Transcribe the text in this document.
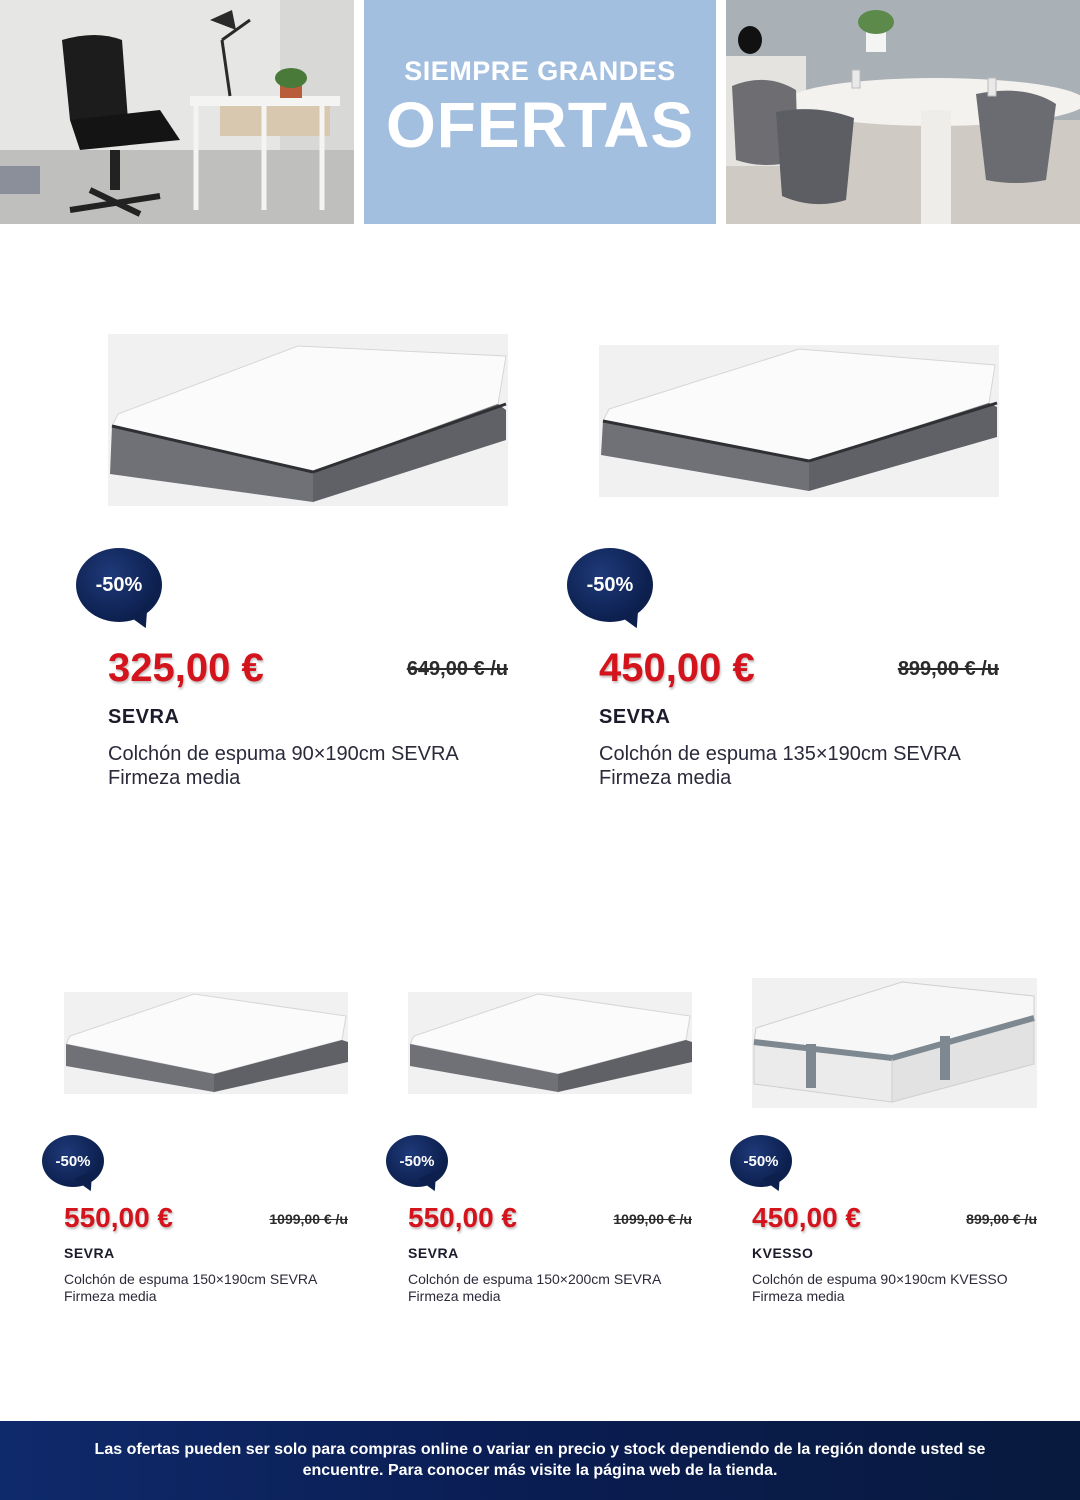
SIEMPRE GRANDES
OFERTAS
-50%
325,00 €	649,00 € /u
SEVRA
Colchón de espuma 90×190cm SEVRA
Firmeza media
-50%
450,00 €	899,00 € /u
SEVRA
Colchón de espuma 135×190cm SEVRA
Firmeza media
-50%
550,00 €	1099,00 € /u
SEVRA
Colchón de espuma 150×190cm SEVRA
Firmeza media
-50%
550,00 €	1099,00 € /u
SEVRA
Colchón de espuma 150×200cm SEVRA
Firmeza media
-50%
450,00 €	899,00 € /u
KVESSO
Colchón de espuma 90×190cm KVESSO
Firmeza media
Las ofertas pueden ser solo para compras online o variar en precio y stock dependiendo de la región donde usted se encuentre. Para conocer más visite la página web de la tienda.
